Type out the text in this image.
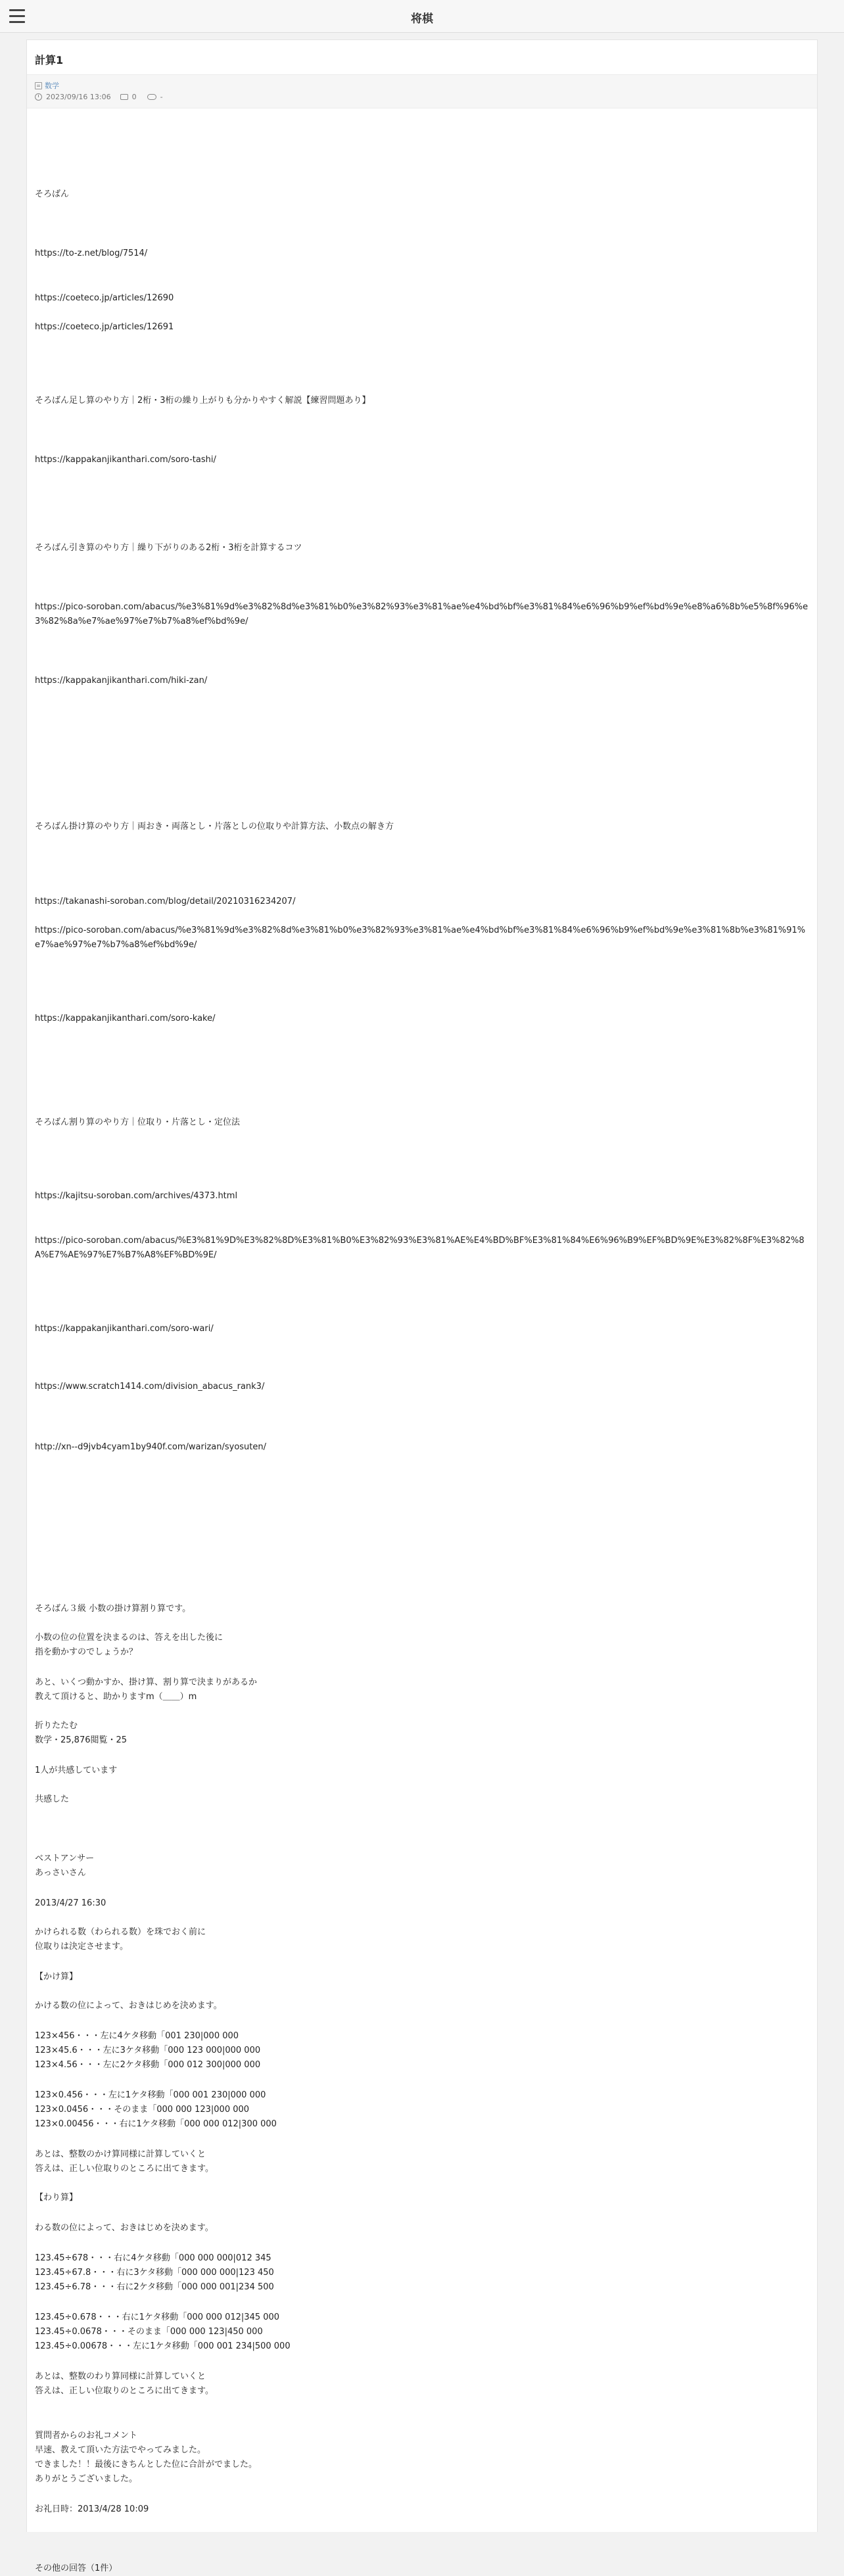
将棋
計算1
数学
2023/09/16 13:06	0	-
そろばん
https://to-z.net/blog/7514/
https://coeteco.jp/articles/12690
https://coeteco.jp/articles/12691
そろばん足し算のやり方｜2桁・3桁の繰り上がりも分かりやすく解説【練習問題あり】
https://kappakanjikanthari.com/soro-tashi/
そろばん引き算のやり方｜繰り下がりのある2桁・3桁を計算するコツ
https://pico-soroban.com/abacus/%e3%81%9d%e3%82%8d%e3%81%b0%e3%82%93%e3%81%ae%e4%bd%bf%e3%81%84%e6%96%b9%ef%bd%9e%e8%a6%8b%e5%8f%96%e3%82%8a%e7%ae%97%e7%b7%a8%ef%bd%9e/
https://kappakanjikanthari.com/hiki-zan/
そろばん掛け算のやり方｜両おき・両落とし・片落としの位取りや計算方法、小数点の解き方
https://takanashi-soroban.com/blog/detail/20210316234207/
https://pico-soroban.com/abacus/%e3%81%9d%e3%82%8d%e3%81%b0%e3%82%93%e3%81%ae%e4%bd%bf%e3%81%84%e6%96%b9%ef%bd%9e%e3%81%8b%e3%81%91%e7%ae%97%e7%b7%a8%ef%bd%9e/
https://kappakanjikanthari.com/soro-kake/
そろばん割り算のやり方｜位取り・片落とし・定位法
https://kajitsu-soroban.com/archives/4373.html
https://pico-soroban.com/abacus/%E3%81%9D%E3%82%8D%E3%81%B0%E3%82%93%E3%81%AE%E4%BD%BF%E3%81%84%E6%96%B9%EF%BD%9E%E3%82%8F%E3%82%8A%E7%AE%97%E7%B7%A8%EF%BD%9E/
https://kappakanjikanthari.com/soro-wari/
https://www.scratch1414.com/division_abacus_rank3/
http://xn--d9jvb4cyam1by940f.com/warizan/syosuten/
そろばん３級 小数の掛け算割り算です。
小数の位の位置を決まるのは、答えを出した後に
指を動かすのでしょうか？
あと、いくつ動かすか、掛け算、割り算で決まりがあるか
教えて頂けると、助かりますm（＿＿）m
折りたたむ
数学・25,876閲覧・25
1人が共感しています
共感した
ベストアンサー
あっさいさん
2013/4/27 16:30
かけられる数（わられる数）を珠でおく前に
位取りは決定させます。
【かけ算】
かける数の位によって、おきはじめを決めます。
123×456・・・左に4ケタ移動「001 230|000 000
123×45.6・・・左に3ケタ移動「000 123 000|000 000
123×4.56・・・左に2ケタ移動「000 012 300|000 000
123×0.456・・・左に1ケタ移動「000 001 230|000 000
123×0.0456・・・そのまま「000 000 123|000 000
123×0.00456・・・右に1ケタ移動「000 000 012|300 000
あとは、整数のかけ算同様に計算していくと
答えは、正しい位取りのところに出てきます。
【わり算】
わる数の位によって、おきはじめを決めます。
123.45÷678・・・右に4ケタ移動「000 000 000|012 345
123.45÷67.8・・・右に3ケタ移動「000 000 000|123 450
123.45÷6.78・・・右に2ケタ移動「000 000 001|234 500
123.45÷0.678・・・右に1ケタ移動「000 000 012|345 000
123.45÷0.0678・・・そのまま「000 000 123|450 000
123.45÷0.00678・・・左に1ケタ移動「000 001 234|500 000
あとは、整数のわり算同様に計算していくと
答えは、正しい位取りのところに出てきます。
質問者からのお礼コメント
早速、教えて頂いた方法でやってみました。
できました！！最後にきちんとした位に合計がでました。
ありがとうございました。
お礼日時：2013/4/28 10:09
その他の回答（1件）
